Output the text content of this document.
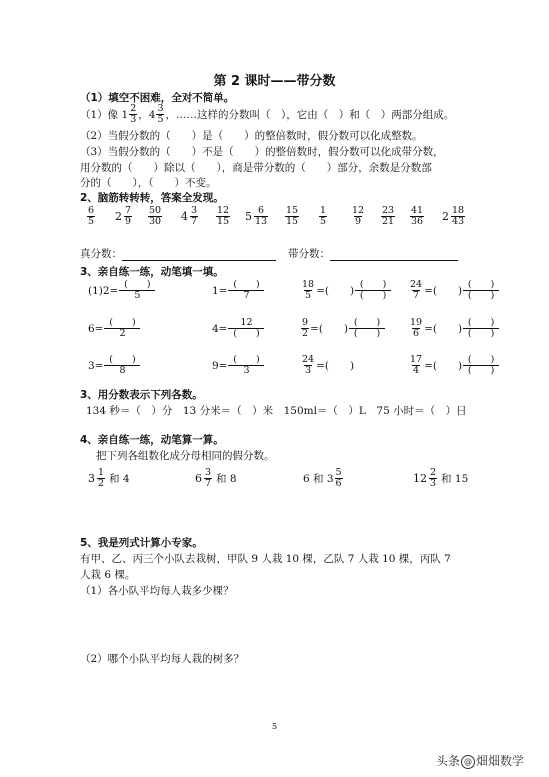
第 2 课时——带分数
（1）填空不困难，全对不简单。
（1）像 $1 \frac{2}{3}$ ，$4 \frac{3}{5}$ ，……这样的分数叫（　），它由（　）和（　）两部分组成。
（2）当假分数的（　　）是（　　）的整倍数时，假分数可以化成整数。
（3）当假分数的（　　）不是（　　）的整倍数时，假分数可以化成带分数，
用分数的（　　）除以（　　），商是带分数的（　　）部分，余数是分数部
分的（　　），（　　）不变。
2、脑筋转转转，答案全发现。
$\frac{6}{5} 2 \frac{7}{9} \frac{50}{30} 4 \frac{3}{7} \frac{12}{15} 5 \frac{6}{13} \frac{15}{15} \frac{1}{5}$	$\frac{12}{9} \frac{23}{21} \frac{41}{36} 2 \frac{18}{43}$
真分数：	带分数：
3、亲自练一练，动笔填一填。
$(1)2= \frac{( )}{5}$	$1= \frac{( )}{7}$	$\frac{18}{5}$ =(　　) $\frac{( )}{( )} \frac{24}{7}$ =(　　) $\frac{( )}{( )}$
$6= \frac{( )}{2}$	$4= \frac{12}{( )}$	$\frac{9}{2}$ =(　　) $\frac{( )}{( )}$	$\frac{19}{6}$ =(　　) $\frac{( )}{( )}$
$3= \frac{( )}{8}$	$9= \frac{( )}{3}$	$\frac{24}{3}$ =(　　)	$\frac{17}{4}$ =(　　) $\frac{( )}{( )}$
3、用分数表示下列各数。
134 秒＝（　）分　13 分米＝（　）米　150ml＝（　）L　75 小时＝（　）日
4、亲自练一练，动笔算一算。
把下列各组数化成分母相同的假分数。
$3 \frac{1}{2}$ 和 4	$6 \frac{3}{7}$ 和 8	6 和 $3 \frac{5}{6}$	$12 \frac{2}{3}$ 和 15
5、我是列式计算小专家。
有甲、乙、丙三个小队去栽树，甲队 9 人栽 10 棵，乙队 7 人栽 10 棵，丙队 7
人栽 6 棵。
（1）各小队平均每人栽多少棵？
（2）哪个小队平均每人栽的树多？
5
头条 @ 畑畑数学
